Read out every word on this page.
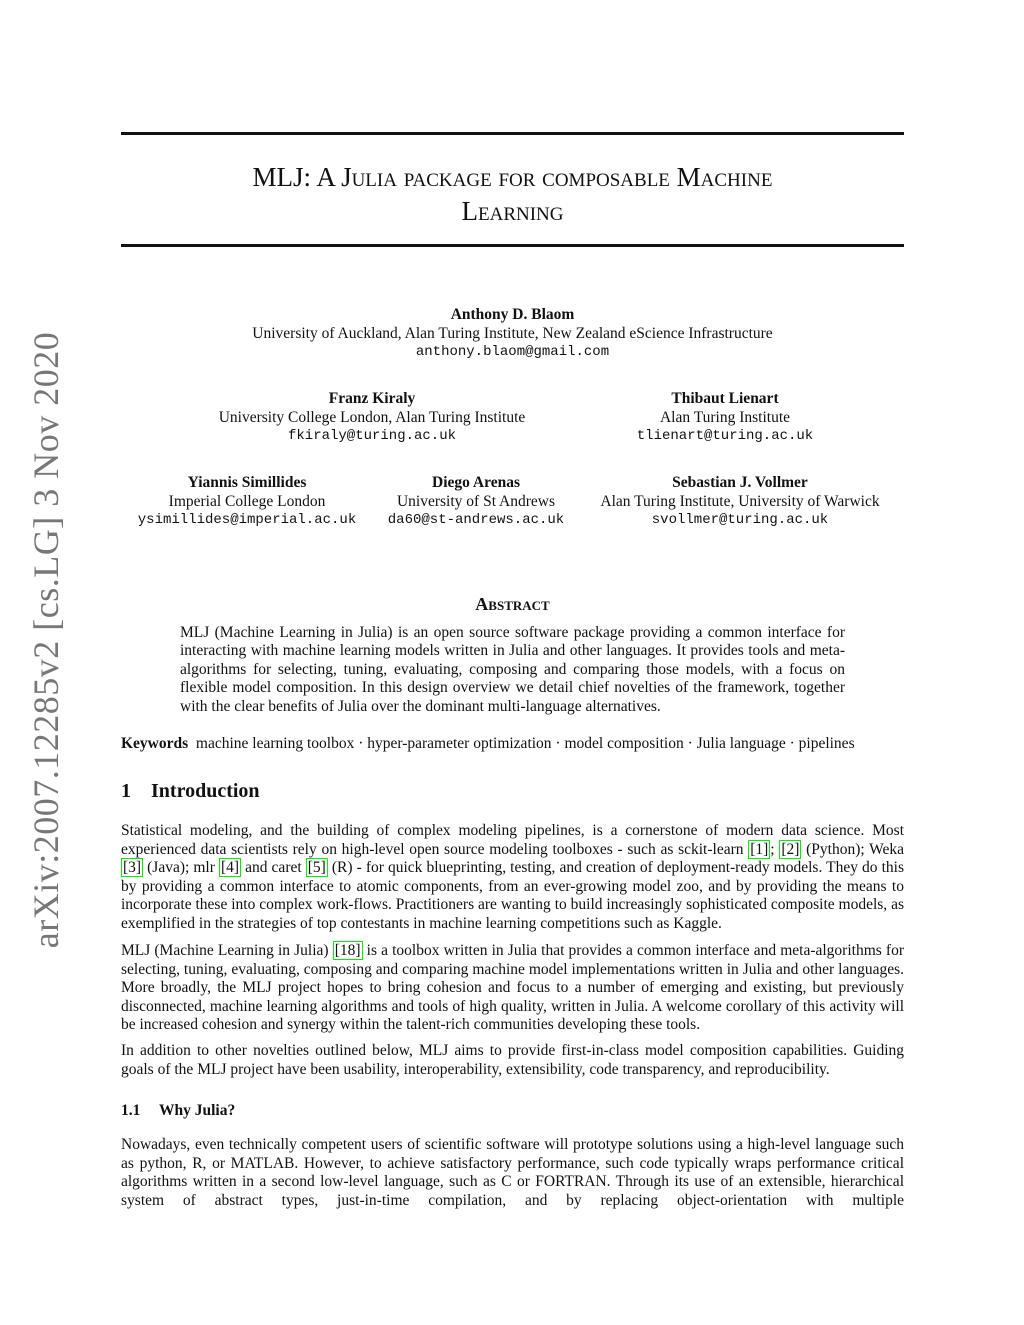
arXiv:2007.12285v2 [cs.LG] 3 Nov 2020
MLJ: A Julia package for composable Machine
Learning
Anthony D. Blaom
University of Auckland, Alan Turing Institute, New Zealand eScience Infrastructure
anthony.blaom@gmail.com
Franz Kiraly
University College London, Alan Turing Institute
fkiraly@turing.ac.uk
Thibaut Lienart
Alan Turing Institute
tlienart@turing.ac.uk
Yiannis Simillides
Imperial College London
ysimillides@imperial.ac.uk
Diego Arenas
University of St Andrews
da60@st-andrews.ac.uk
Sebastian J. Vollmer
Alan Turing Institute, University of Warwick
svollmer@turing.ac.uk
Abstract
MLJ (Machine Learning in Julia) is an open source software package providing a common interface for interacting with machine learning models written in Julia and other languages. It provides tools and meta-algorithms for selecting, tuning, evaluating, composing and comparing those models, with a focus on flexible model composition. In this design overview we detail chief novelties of the framework, together with the clear benefits of Julia over the dominant multi-language alternatives.
Keywords machine learning toolbox · hyper-parameter optimization · model composition · Julia language · pipelines
1 Introduction
Statistical modeling, and the building of complex modeling pipelines, is a cornerstone of modern data science. Most experienced data scientists rely on high-level open source modeling toolboxes - such as sckit-learn [1] ; [2] (Python); Weka [3] (Java); mlr [4] and caret [5] (R) - for quick blueprinting, testing, and creation of deployment-ready models. They do this by providing a common interface to atomic components, from an ever-growing model zoo, and by providing the means to incorporate these into complex work-flows. Practitioners are wanting to build increasingly sophisticated composite models, as exemplified in the strategies of top contestants in machine learning competitions such as Kaggle.
MLJ (Machine Learning in Julia) [18] is a toolbox written in Julia that provides a common interface and meta-algorithms for selecting, tuning, evaluating, composing and comparing machine model implementations written in Julia and other languages. More broadly, the MLJ project hopes to bring cohesion and focus to a number of emerging and existing, but previously disconnected, machine learning algorithms and tools of high quality, written in Julia. A welcome corollary of this activity will be increased cohesion and synergy within the talent-rich communities developing these tools.
In addition to other novelties outlined below, MLJ aims to provide first-in-class model composition capabilities. Guiding goals of the MLJ project have been usability, interoperability, extensibility, code transparency, and reproducibility.
1.1 Why Julia?
Nowadays, even technically competent users of scientific software will prototype solutions using a high-level language such as python, R, or MATLAB. However, to achieve satisfactory performance, such code typically wraps performance critical algorithms written in a second low-level language, such as C or FORTRAN. Through its use of an extensible, hierarchical system of abstract types, just-in-time compilation, and by replacing object-orientation with multiple
